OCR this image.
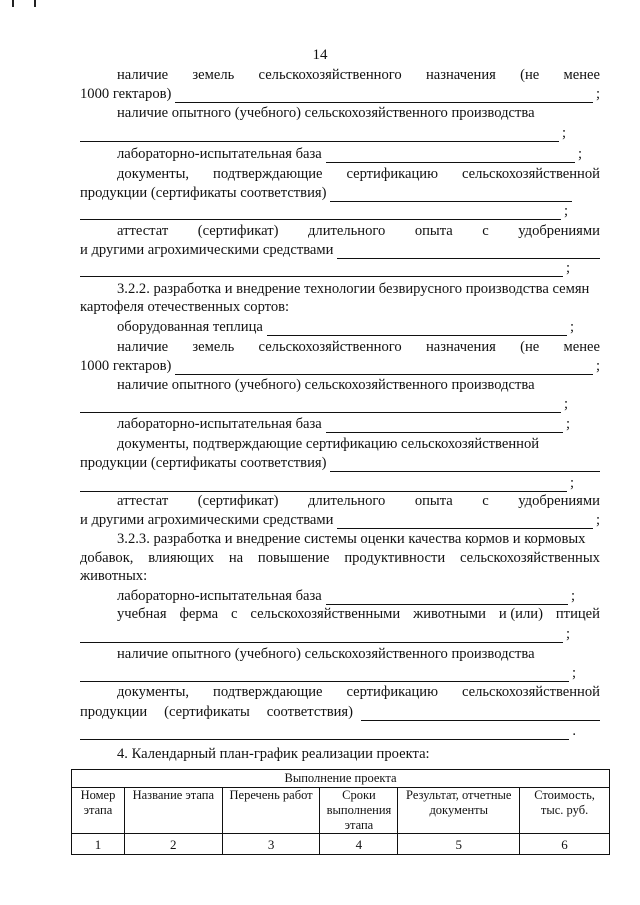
14
наличие земель сельскохозяйственного назначения (не менее
1000 гектаров)	;
наличие опытного (учебного) сельскохозяйственного производства
;
лабораторно-испытательная база	;
документы, подтверждающие сертификацию сельскохозяйственной
продукции (сертификаты соответствия)
;
аттестат (сертификат) длительного опыта с удобрениями
и другими агрохимическими средствами
;
3.2.2. разработка и внедрение технологии безвирусного производства семян
картофеля отечественных сортов:
оборудованная теплица	;
наличие земель сельскохозяйственного назначения (не менее
1000 гектаров)	;
наличие опытного (учебного) сельскохозяйственного производства
;
лабораторно-испытательная база	;
документы, подтверждающие сертификацию сельскохозяйственной
продукции (сертификаты соответствия)
;
аттестат (сертификат) длительного опыта с удобрениями
и другими агрохимическими средствами	;
3.2.3. разработка и внедрение системы оценки качества кормов и кормовых
добавок, влияющих на повышение продуктивности сельскохозяйственных
животных:
лабораторно-испытательная база	;
учебная ферма с сельскохозяйственными животными и (или) птицей
;
наличие опытного (учебного) сельскохозяйственного производства
;
документы, подтверждающие сертификацию сельскохозяйственной
продукции (сертификаты соответствия)
.
4. Календарный план-график реализации проекта:
Выполнение проекта					
Номер этапа	Название этапа	Перечень работ	Сроки выполнения этапа	Результат, отчетные документы	Стоимость, тыс. руб.
1	2	3	4	5	6
